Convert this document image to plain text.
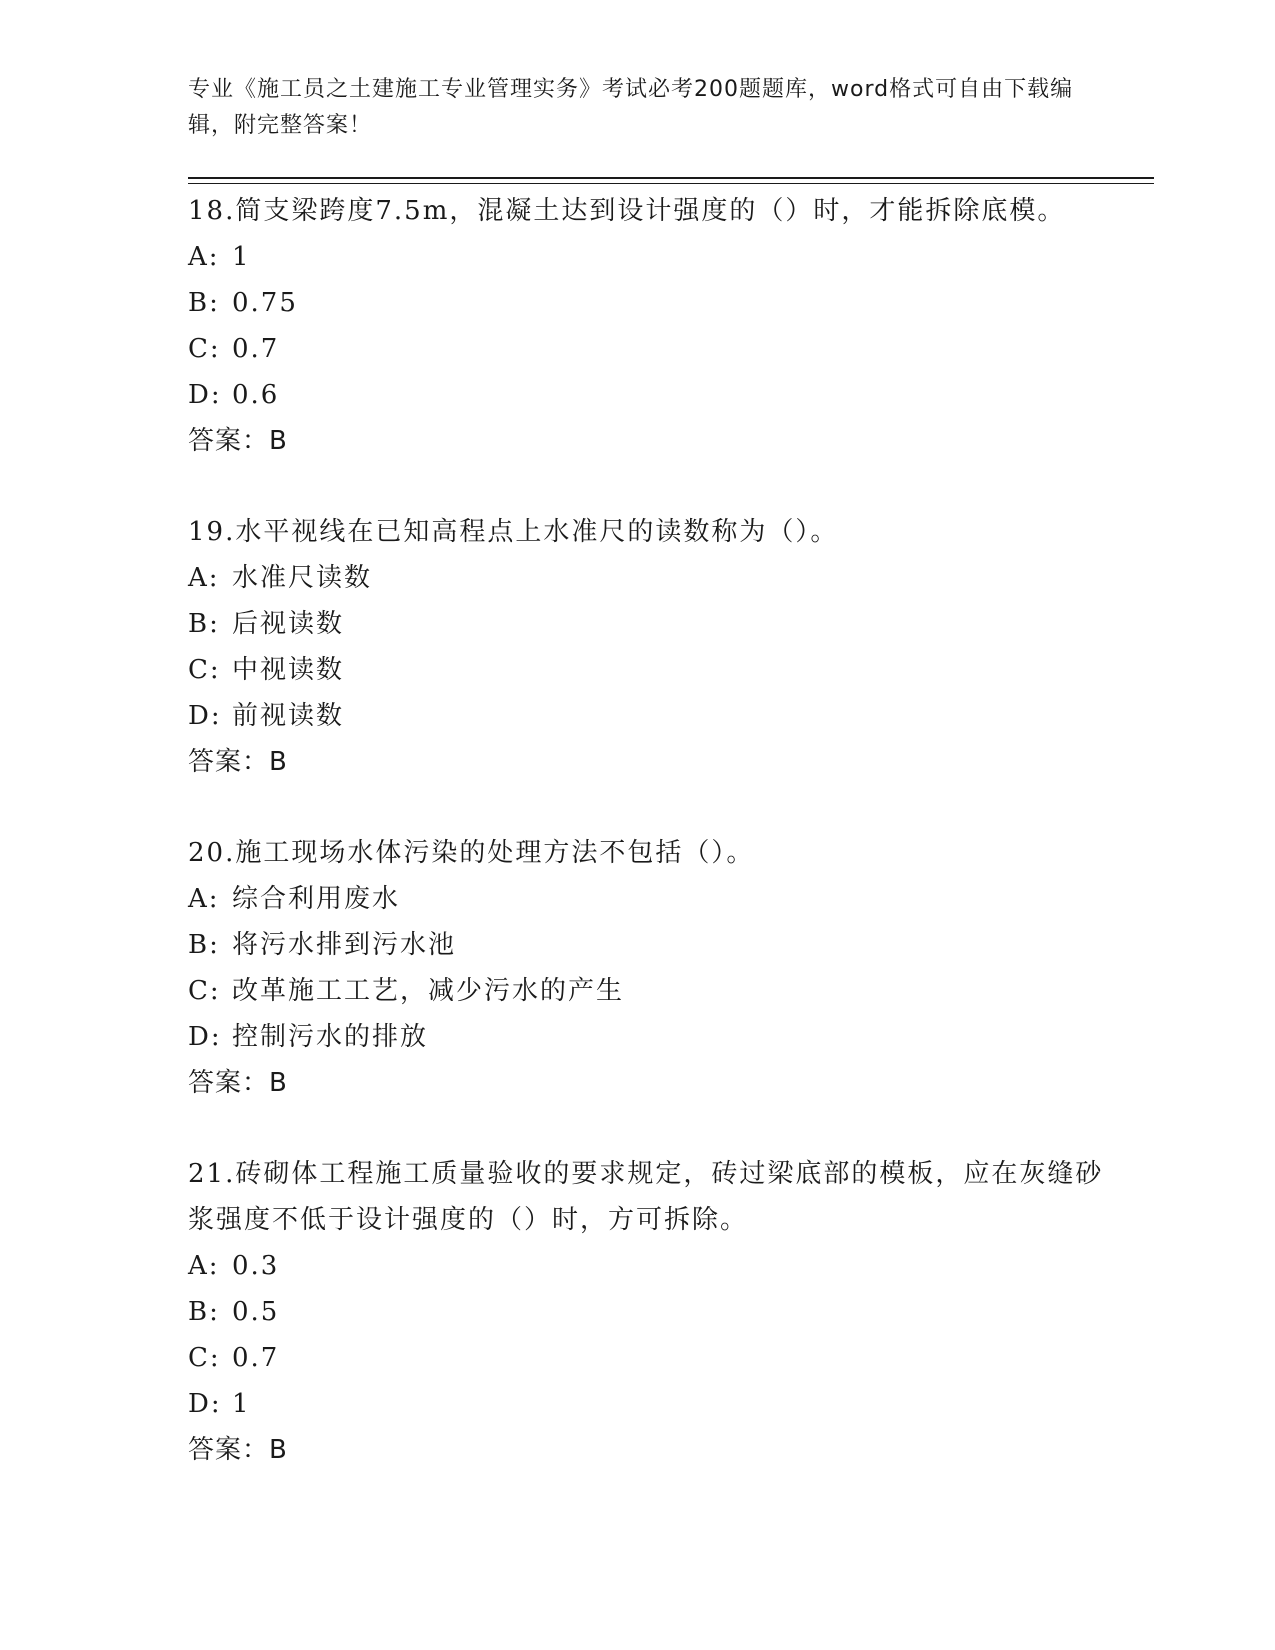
专业《施工员之土建施工专业管理实务》考试必考200题题库，word格式可自由下载编辑，附完整答案！
18.简支梁跨度7.5m，混凝土达到设计强度的（）时，才能拆除底模。
A: 1
B: 0.75
C: 0.7
D: 0.6
答案：B
19.水平视线在已知高程点上水准尺的读数称为（）。
A: 水准尺读数
B: 后视读数
C: 中视读数
D: 前视读数
答案：B
20.施工现场水体污染的处理方法不包括（）。
A: 综合利用废水
B: 将污水排到污水池
C: 改革施工工艺，减少污水的产生
D: 控制污水的排放
答案：B
21.砖砌体工程施工质量验收的要求规定，砖过梁底部的模板，应在灰缝砂浆强度不低于设计强度的（）时，方可拆除。
A: 0.3
B: 0.5
C: 0.7
D: 1
答案：B
